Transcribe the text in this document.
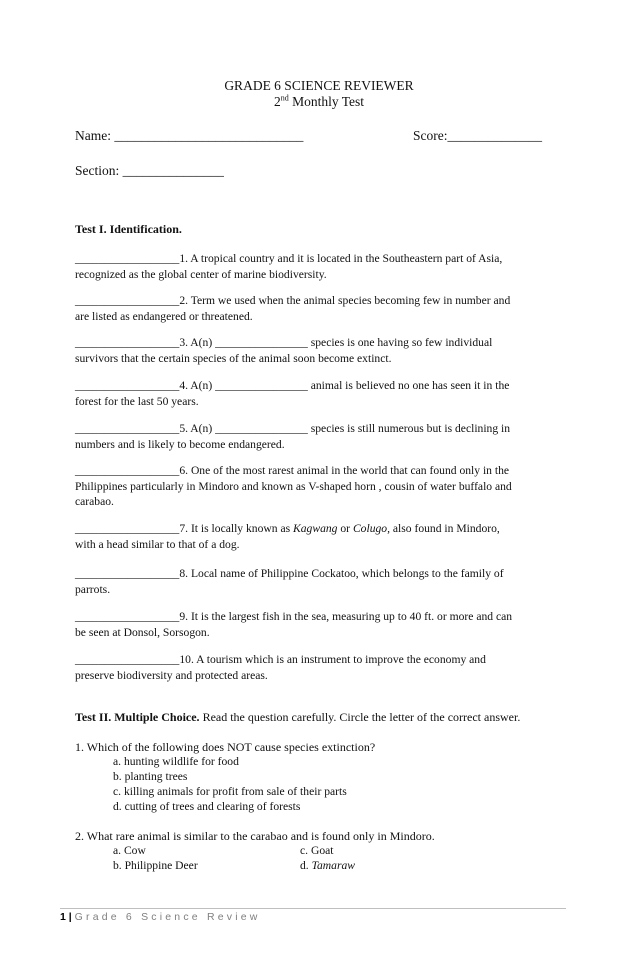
GRADE 6 SCIENCE REVIEWER
2nd Monthly Test
Name: ____________________________	Score:______________
Section: _______________
Test I. Identification.
__________________1. A tropical country and it is located in the Southeastern part of Asia,
recognized as the global center of marine biodiversity.
__________________2. Term we used when the animal species becoming few in number and
are listed as endangered or threatened.
__________________3. A(n) ________________ species is one having so few individual
survivors that the certain species of the animal soon become extinct.
__________________4. A(n) ________________ animal is believed no one has seen it in the
forest for the last 50 years.
__________________5. A(n) ________________ species is still numerous but is declining in
numbers and is likely to become endangered.
__________________6. One of the most rarest animal in the world that can found only in the
Philippines particularly in Mindoro and known as V-shaped horn , cousin of water buffalo and
carabao.
__________________7. It is locally known as Kagwang or Colugo, also found in Mindoro,
with a head similar to that of a dog.
__________________8. Local name of Philippine Cockatoo, which belongs to the family of
parrots.
__________________9. It is the largest fish in the sea, measuring up to 40 ft. or more and can
be seen at Donsol, Sorsogon.
__________________10. A tourism which is an instrument to improve the economy and
preserve biodiversity and protected areas.
Test II. Multiple Choice. Read the question carefully. Circle the letter of the correct answer.
1. Which of the following does NOT cause species extinction?
a. hunting wildlife for food
b. planting trees
c. killing animals for profit from sale of their parts
d. cutting of trees and clearing of forests
2. What rare animal is similar to the carabao and is found only in Mindoro.
a. Cow	c. Goat
b. Philippine Deer	d. Tamaraw
1 | Grade 6 Science Review
